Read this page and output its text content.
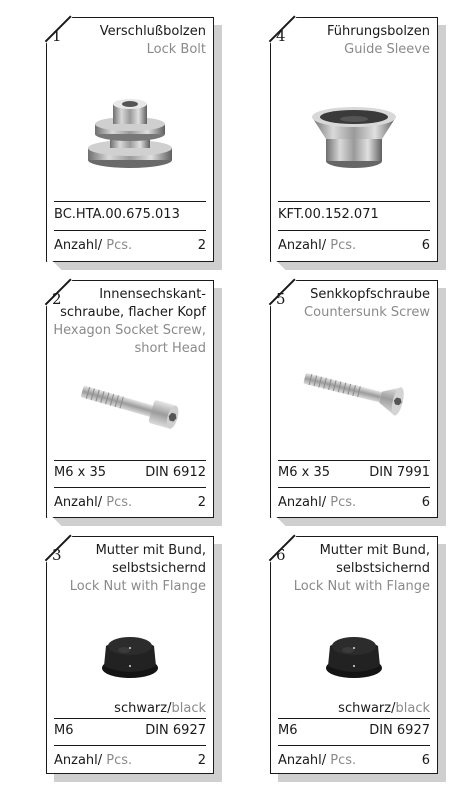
1	Verschlußbolzen
Lock Bolt
BC.HTA.00.675.013
Anzahl/ Pcs.	2
4	Führungsbolzen
Guide Sleeve
KFT.00.152.071
Anzahl/ Pcs.	6
2	Innensechskant-
schraube, flacher Kopf
Hexagon Socket Screw,
short Head
M6 x 35	DIN 6912
Anzahl/ Pcs.	2
5	Senkkopfschraube
Countersunk Screw
M6 x 35	DIN 7991
Anzahl/ Pcs.	6
3	Mutter mit Bund,
selbstsichernd
Lock Nut with Flange
schwarz/black
M6	DIN 6927
Anzahl/ Pcs.	2
6	Mutter mit Bund,
selbstsichernd
Lock Nut with Flange
schwarz/black
M6	DIN 6927
Anzahl/ Pcs.	6
